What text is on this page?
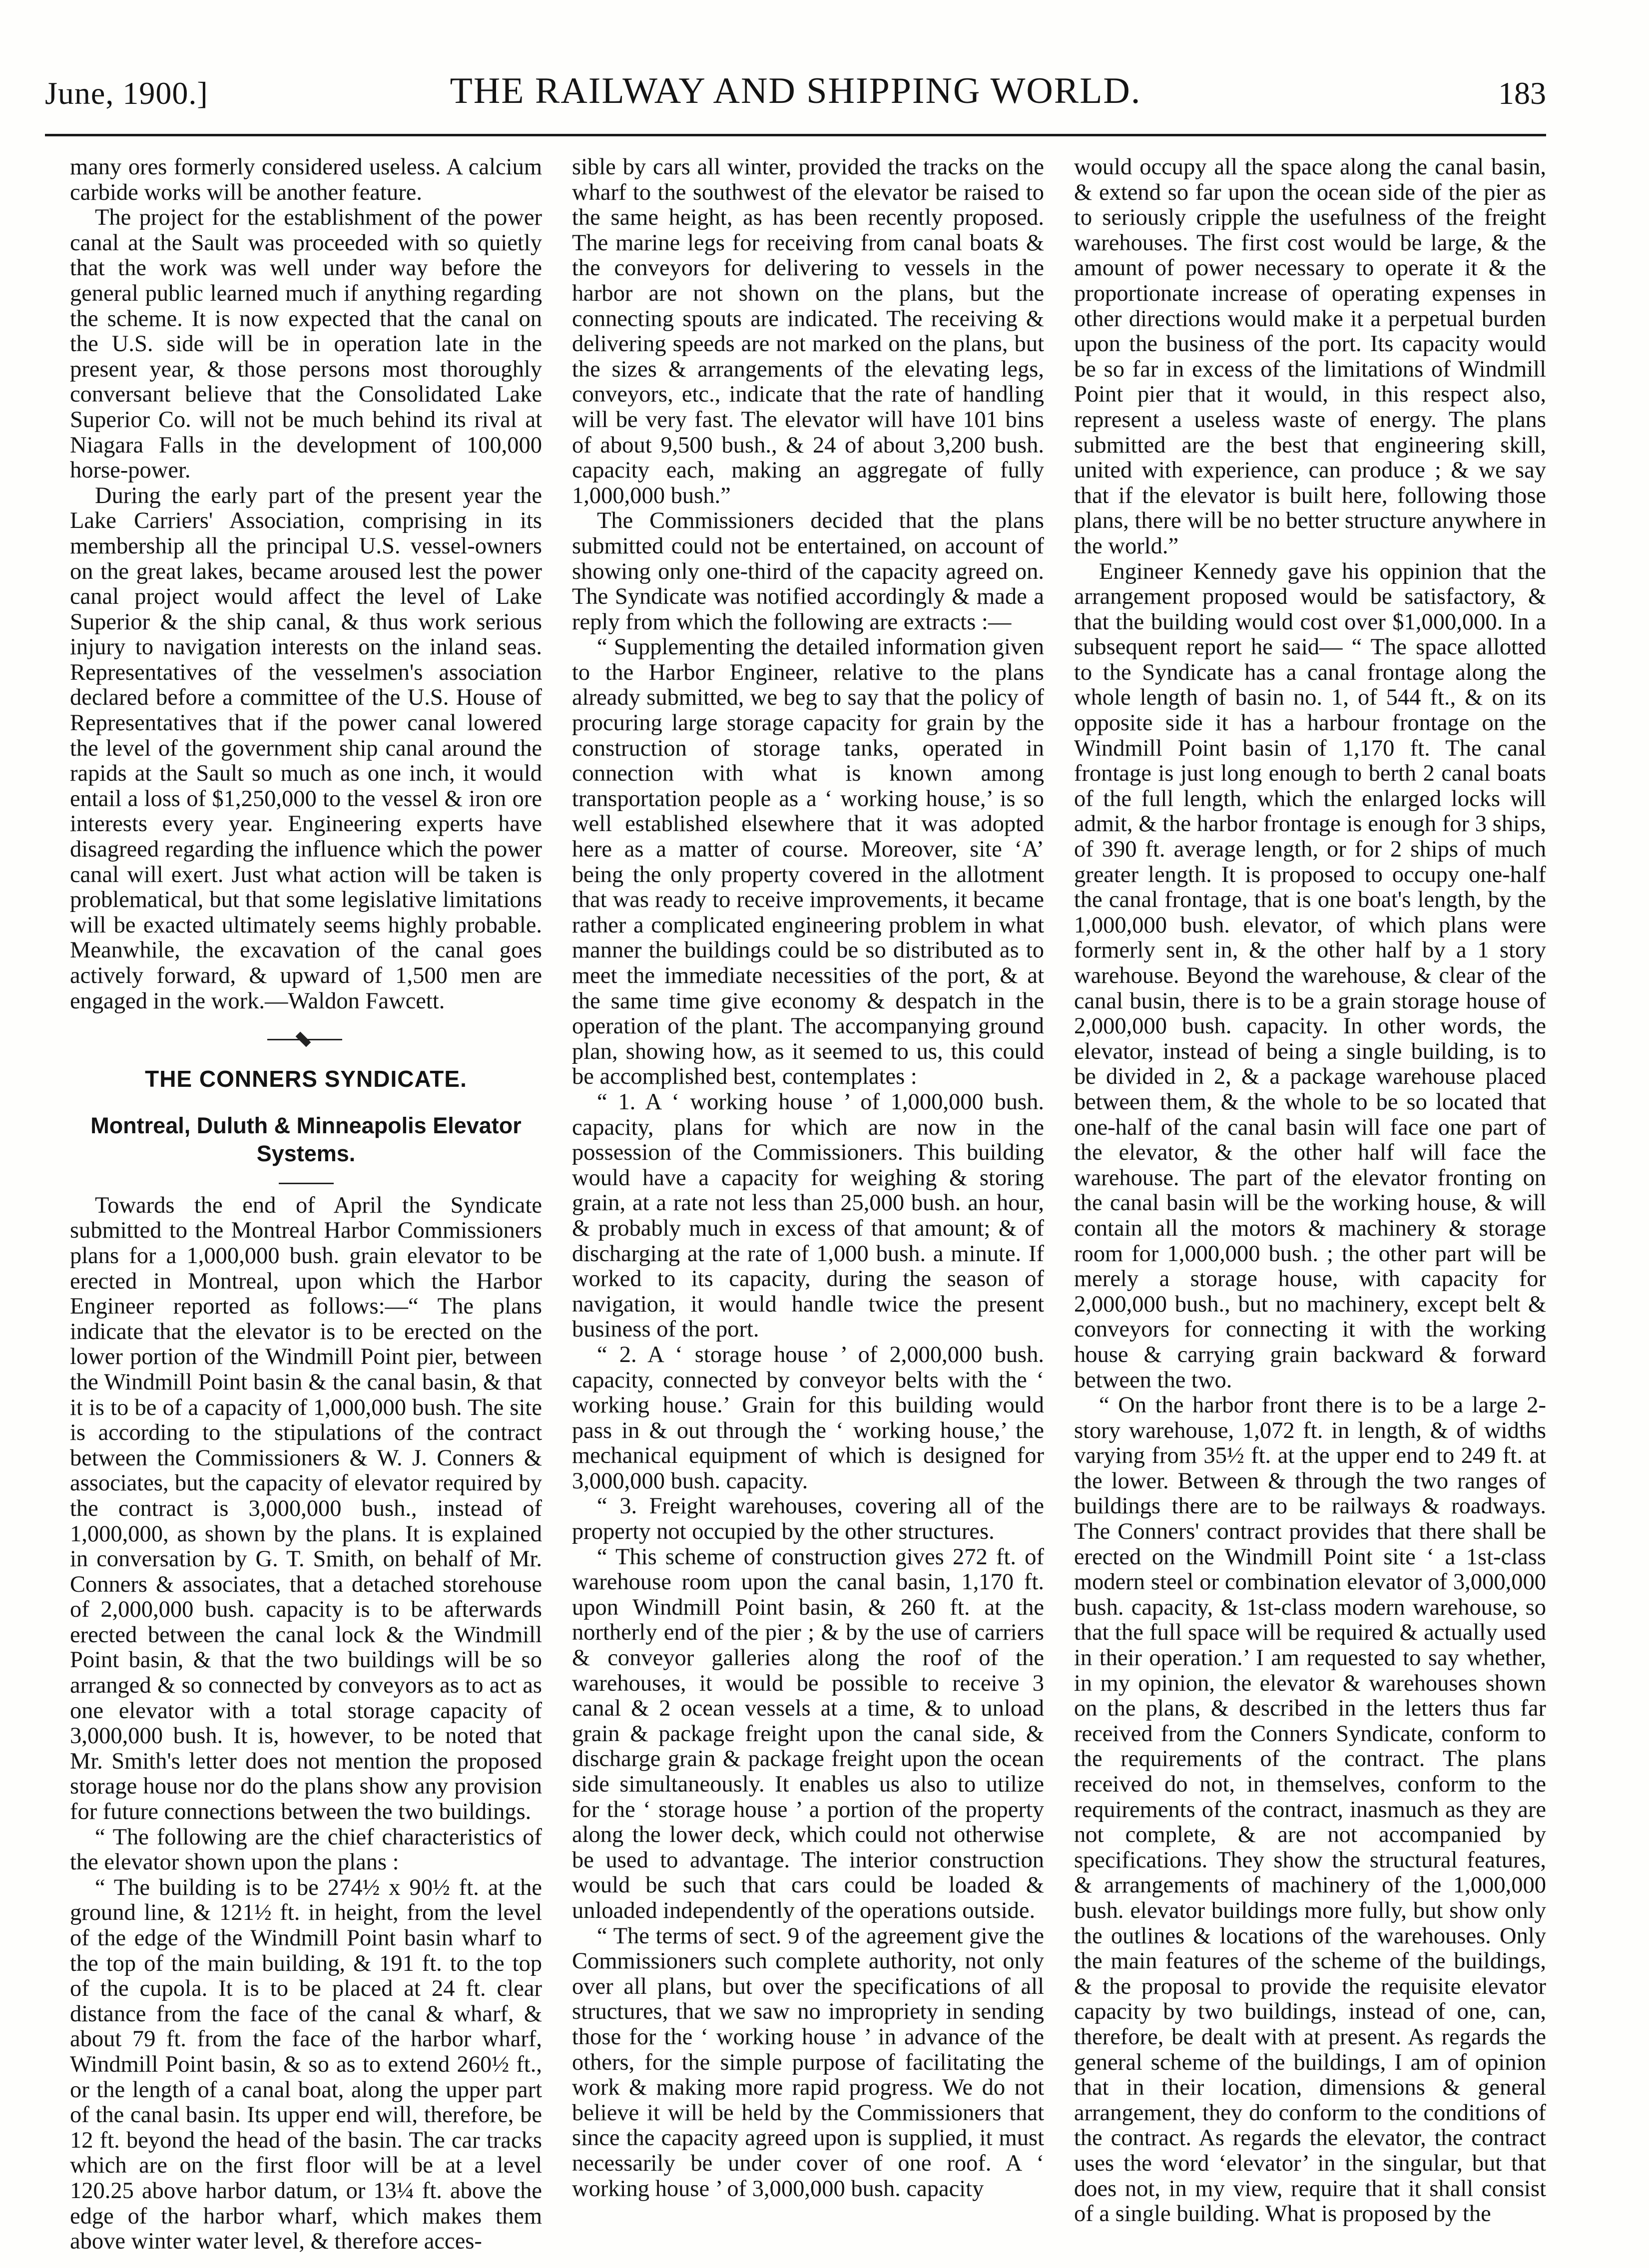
June, 1900.]	THE RAILWAY AND SHIPPING WORLD.	183

many ores formerly considered useless. A calcium carbide works will be another feature.

The project for the establishment of the power canal at the Sault was proceeded with so quietly that the work was well under way before the general public learned much if anything regarding the scheme. It is now expected that the canal on the U.S. side will be in operation late in the present year, & those persons most thoroughly conversant believe that the Consolidated Lake Superior Co. will not be much behind its rival at Niagara Falls in the development of 100,000 horse-power.

During the early part of the present year the Lake Carriers' Association, comprising in its membership all the principal U.S. vessel-owners on the great lakes, became aroused lest the power canal project would affect the level of Lake Superior & the ship canal, & thus work serious injury to navigation interests on the inland seas. Representatives of the vesselmen's association declared before a committee of the U.S. House of Representatives that if the power canal lowered the level of the government ship canal around the rapids at the Sault so much as one inch, it would entail a loss of $1,250,000 to the vessel & iron ore interests every year. Engineering experts have disagreed regarding the influence which the power canal will exert. Just what action will be taken is problematical, but that some legislative limitations will be exacted ultimately seems highly probable. Meanwhile, the excavation of the canal goes actively forward, & upward of 1,500 men are engaged in the work.—Waldon Fawcett.

THE CONNERS SYNDICATE.
Montreal, Duluth & Minneapolis Elevator Systems.

Towards the end of April the Syndicate submitted to the Montreal Harbor Commissioners plans for a 1,000,000 bush. grain elevator to be erected in Montreal, upon which the Harbor Engineer reported as follows:—“ The plans indicate that the elevator is to be erected on the lower portion of the Windmill Point pier, between the Windmill Point basin & the canal basin, & that it is to be of a capacity of 1,000,000 bush. The site is according to the stipulations of the contract between the Commissioners & W. J. Conners & associates, but the capacity of elevator required by the contract is 3,000,000 bush., instead of 1,000,000, as shown by the plans. It is explained in conversation by G. T. Smith, on behalf of Mr. Conners & associates, that a detached storehouse of 2,000,000 bush. capacity is to be afterwards erected between the canal lock & the Windmill Point basin, & that the two buildings will be so arranged & so connected by conveyors as to act as one elevator with a total storage capacity of 3,000,000 bush. It is, however, to be noted that Mr. Smith's letter does not mention the proposed storage house nor do the plans show any provision for future connections between the two buildings.

“ The following are the chief characteristics of the elevator shown upon the plans :

“ The building is to be 274½ x 90½ ft. at the ground line, & 121½ ft. in height, from the level of the edge of the Windmill Point basin wharf to the top of the main building, & 191 ft. to the top of the cupola. It is to be placed at 24 ft. clear distance from the face of the canal & wharf, & about 79 ft. from the face of the harbor wharf, Windmill Point basin, & so as to extend 260½ ft., or the length of a canal boat, along the upper part of the canal basin. Its upper end will, therefore, be 12 ft. beyond the head of the basin. The car tracks which are on the first floor will be at a level 120.25 above harbor datum, or 13¼ ft. above the edge of the harbor wharf, which makes them above winter water level, & therefore acces-

sible by cars all winter, provided the tracks on the wharf to the southwest of the elevator be raised to the same height, as has been recently proposed. The marine legs for receiving from canal boats & the conveyors for delivering to vessels in the harbor are not shown on the plans, but the connecting spouts are indicated. The receiving & delivering speeds are not marked on the plans, but the sizes & arrangements of the elevating legs, conveyors, etc., indicate that the rate of handling will be very fast. The elevator will have 101 bins of about 9,500 bush., & 24 of about 3,200 bush. capacity each, making an aggregate of fully 1,000,000 bush.”

The Commissioners decided that the plans submitted could not be entertained, on account of showing only one-third of the capacity agreed on. The Syndicate was notified accordingly & made a reply from which the following are extracts :—

“ Supplementing the detailed information given to the Harbor Engineer, relative to the plans already submitted, we beg to say that the policy of procuring large storage capacity for grain by the construction of storage tanks, operated in connection with what is known among transportation people as a ‘ working house,’ is so well established elsewhere that it was adopted here as a matter of course. Moreover, site ‘A’ being the only property covered in the allotment that was ready to receive improvements, it became rather a complicated engineering problem in what manner the buildings could be so distributed as to meet the immediate necessities of the port, & at the same time give economy & despatch in the operation of the plant. The accompanying ground plan, showing how, as it seemed to us, this could be accomplished best, contemplates :

“ 1. A ‘ working house ’ of 1,000,000 bush. capacity, plans for which are now in the possession of the Commissioners. This building would have a capacity for weighing & storing grain, at a rate not less than 25,000 bush. an hour, & probably much in excess of that amount; & of discharging at the rate of 1,000 bush. a minute. If worked to its capacity, during the season of navigation, it would handle twice the present business of the port.

“ 2. A ‘ storage house ’ of 2,000,000 bush. capacity, connected by conveyor belts with the ‘ working house.’ Grain for this building would pass in & out through the ‘ working house,’ the mechanical equipment of which is designed for 3,000,000 bush. capacity.

“ 3. Freight warehouses, covering all of the property not occupied by the other structures.

“ This scheme of construction gives 272 ft. of warehouse room upon the canal basin, 1,170 ft. upon Windmill Point basin, & 260 ft. at the northerly end of the pier ; & by the use of carriers & conveyor galleries along the roof of the warehouses, it would be possible to receive 3 canal & 2 ocean vessels at a time, & to unload grain & package freight upon the canal side, & discharge grain & package freight upon the ocean side simultaneously. It enables us also to utilize for the ‘ storage house ’ a portion of the property along the lower deck, which could not otherwise be used to advantage. The interior construction would be such that cars could be loaded & unloaded independently of the operations outside.

“ The terms of sect. 9 of the agreement give the Commissioners such complete authority, not only over all plans, but over the specifications of all structures, that we saw no impropriety in sending those for the ‘ working house ’ in advance of the others, for the simple purpose of facilitating the work & making more rapid progress. We do not believe it will be held by the Commissioners that since the capacity agreed upon is supplied, it must necessarily be under cover of one roof. A ‘ working house ’ of 3,000,000 bush. capacity

would occupy all the space along the canal basin, & extend so far upon the ocean side of the pier as to seriously cripple the usefulness of the freight warehouses. The first cost would be large, & the amount of power necessary to operate it & the proportionate increase of operating expenses in other directions would make it a perpetual burden upon the business of the port. Its capacity would be so far in excess of the limitations of Windmill Point pier that it would, in this respect also, represent a useless waste of energy. The plans submitted are the best that engineering skill, united with experience, can produce ; & we say that if the elevator is built here, following those plans, there will be no better structure anywhere in the world.”

Engineer Kennedy gave his oppinion that the arrangement proposed would be satisfactory, & that the building would cost over $1,000,000. In a subsequent report he said— “ The space allotted to the Syndicate has a canal frontage along the whole length of basin no. 1, of 544 ft., & on its opposite side it has a harbour frontage on the Windmill Point basin of 1,170 ft. The canal frontage is just long enough to berth 2 canal boats of the full length, which the enlarged locks will admit, & the harbor frontage is enough for 3 ships, of 390 ft. average length, or for 2 ships of much greater length. It is proposed to occupy one-half the canal frontage, that is one boat's length, by the 1,000,000 bush. elevator, of which plans were formerly sent in, & the other half by a 1 story warehouse. Beyond the warehouse, & clear of the canal busin, there is to be a grain storage house of 2,000,000 bush. capacity. In other words, the elevator, instead of being a single building, is to be divided in 2, & a package warehouse placed between them, & the whole to be so located that one-half of the canal basin will face one part of the elevator, & the other half will face the warehouse. The part of the elevator fronting on the canal basin will be the working house, & will contain all the motors & machinery & storage room for 1,000,000 bush. ; the other part will be merely a storage house, with capacity for 2,000,000 bush., but no machinery, except belt & conveyors for connecting it with the working house & carrying grain backward & forward between the two.

“ On the harbor front there is to be a large 2-story warehouse, 1,072 ft. in length, & of widths varying from 35½ ft. at the upper end to 249 ft. at the lower. Between & through the two ranges of buildings there are to be railways & roadways. The Conners' contract provides that there shall be erected on the Windmill Point site ‘ a 1st-class modern steel or combination elevator of 3,000,000 bush. capacity, & 1st-class modern warehouse, so that the full space will be required & actually used in their operation.’ I am requested to say whether, in my opinion, the elevator & warehouses shown on the plans, & described in the letters thus far received from the Conners Syndicate, conform to the requirements of the contract. The plans received do not, in themselves, conform to the requirements of the contract, inasmuch as they are not complete, & are not accompanied by specifications. They show the structural features, & arrangements of machinery of the 1,000,000 bush. elevator buildings more fully, but show only the outlines & locations of the warehouses. Only the main features of the scheme of the buildings, & the proposal to provide the requisite elevator capacity by two buildings, instead of one, can, therefore, be dealt with at present. As regards the general scheme of the buildings, I am of opinion that in their location, dimensions & general arrangement, they do conform to the conditions of the contract. As regards the elevator, the contract uses the word ‘elevator’ in the singular, but that does not, in my view, require that it shall consist of a single building. What is proposed by the
